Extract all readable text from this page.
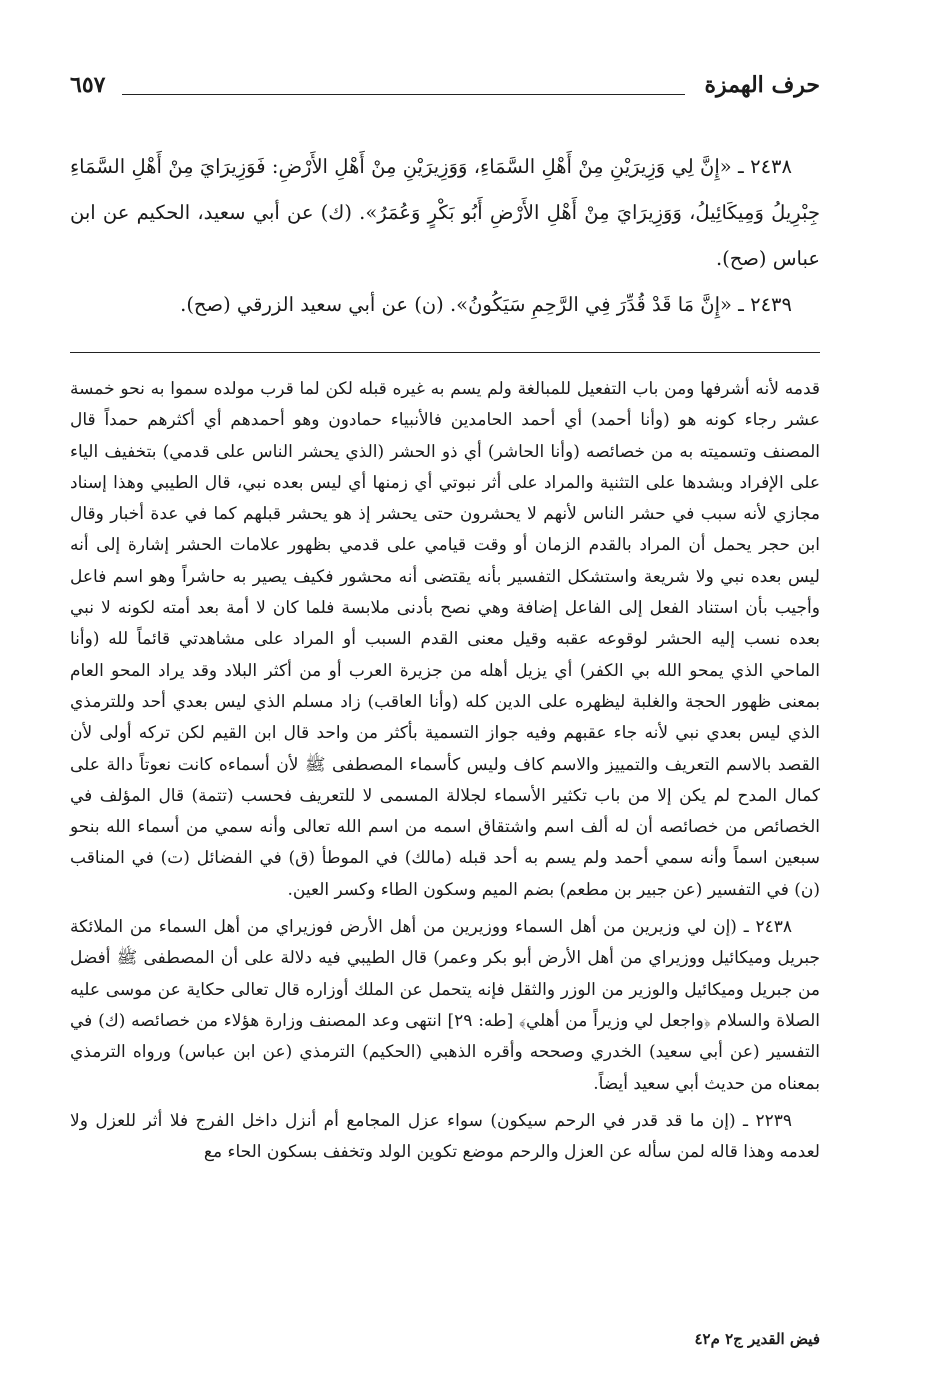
حرف الهمزة
٦٥٧

٢٤٣٨ ـ «إِنَّ لِي وَزِيرَيْنِ مِنْ أَهْلِ السَّمَاءِ، وَوَزِيرَيْنِ مِنْ أَهْلِ الأَرْضِ: فَوَزِيرَايَ مِنْ أَهْلِ السَّمَاءِ جِبْرِيلُ وَمِيكَائِيلُ، وَوَزِيرَايَ مِنْ أَهْلِ الأَرْضِ أَبُو بَكْرٍ وَعُمَرُ». (ك) عن أبي سعيد، الحكيم عن ابن عباس (صح).

٢٤٣٩ ـ «إِنَّ مَا قَدْ قُدِّرَ فِي الرَّحِمِ سَيَكُونُ». (ن) عن أبي سعيد الزرقي (صح).

قدمه لأنه أشرفها ومن باب التفعيل للمبالغة ولم يسم به غيره قبله لكن لما قرب مولده سموا به نحو خمسة عشر رجاء كونه هو (وأنا أحمد) أي أحمد الحامدين فالأنبياء حمادون وهو أحمدهم أي أكثرهم حمداً قال المصنف وتسميته به من خصائصه (وأنا الحاشر) أي ذو الحشر (الذي يحشر الناس على قدمي) بتخفيف الياء على الإفراد وبشدها على التثنية والمراد على أثر نبوتي أي زمنها أي ليس بعده نبي، قال الطيبي وهذا إسناد مجازي لأنه سبب في حشر الناس لأنهم لا يحشرون حتى يحشر إذ هو يحشر قبلهم كما في عدة أخبار وقال ابن حجر يحمل أن المراد بالقدم الزمان أو وقت قيامي على قدمي بظهور علامات الحشر إشارة إلى أنه ليس بعده نبي ولا شريعة واستشكل التفسير بأنه يقتضى أنه محشور فكيف يصير به حاشراً وهو اسم فاعل وأجيب بأن استناد الفعل إلى الفاعل إضافة وهي نصح بأدنى ملابسة فلما كان لا أمة بعد أمته لكونه لا نبي بعده نسب إليه الحشر لوقوعه عقبه وقيل معنى القدم السبب أو المراد على مشاهدتي قائماً لله (وأنا الماحي الذي يمحو الله بي الكفر) أي يزيل أهله من جزيرة العرب أو من أكثر البلاد وقد يراد المحو العام بمعنى ظهور الحجة والغلبة ليظهره على الدين كله (وأنا العاقب) زاد مسلم الذي ليس بعدي أحد وللترمذي الذي ليس بعدي نبي لأنه جاء عقبهم وفيه جواز التسمية بأكثر من واحد قال ابن القيم لكن تركه أولى لأن القصد بالاسم التعريف والتمييز والاسم كاف وليس كأسماء المصطفى ﷺ لأن أسماءه كانت نعوتاً دالة على كمال المدح لم يكن إلا من باب تكثير الأسماء لجلالة المسمى لا للتعريف فحسب (تتمة) قال المؤلف في الخصائص من خصائصه أن له ألف اسم واشتقاق اسمه من اسم الله تعالى وأنه سمي من أسماء الله بنحو سبعين اسماً وأنه سمي أحمد ولم يسم به أحد قبله (مالك) في الموطأ (ق) في الفضائل (ت) في المناقب (ن) في التفسير (عن جبير بن مطعم) بضم الميم وسكون الطاء وكسر العين.

٢٤٣٨ ـ (إن لي وزيرين من أهل السماء ووزيرين من أهل الأرض فوزيراي من أهل السماء من الملائكة جبريل وميكائيل ووزيراي من أهل الأرض أبو بكر وعمر) قال الطيبي فيه دلالة على أن المصطفى ﷺ أفضل من جبريل وميكائيل والوزير من الوزر والثقل فإنه يتحمل عن الملك أوزاره قال تعالى حكاية عن موسى عليه الصلاة والسلام ﴿واجعل لي وزيراً من أهلي﴾ [طه: ٢٩] انتهى وعد المصنف وزارة هؤلاء من خصائصه (ك) في التفسير (عن أبي سعيد) الخدري وصححه وأقره الذهبي (الحكيم) الترمذي (عن ابن عباس) ورواه الترمذي بمعناه من حديث أبي سعيد أيضاً.

٢٢٣٩ ـ (إن ما قد قدر في الرحم سيكون) سواء عزل المجامع أم أنزل داخل الفرج فلا أثر للعزل ولا لعدمه وهذا قاله لمن سأله عن العزل والرحم موضع تكوين الولد وتخفف بسكون الحاء مع

فيض القدير ج٢ م٤٢
